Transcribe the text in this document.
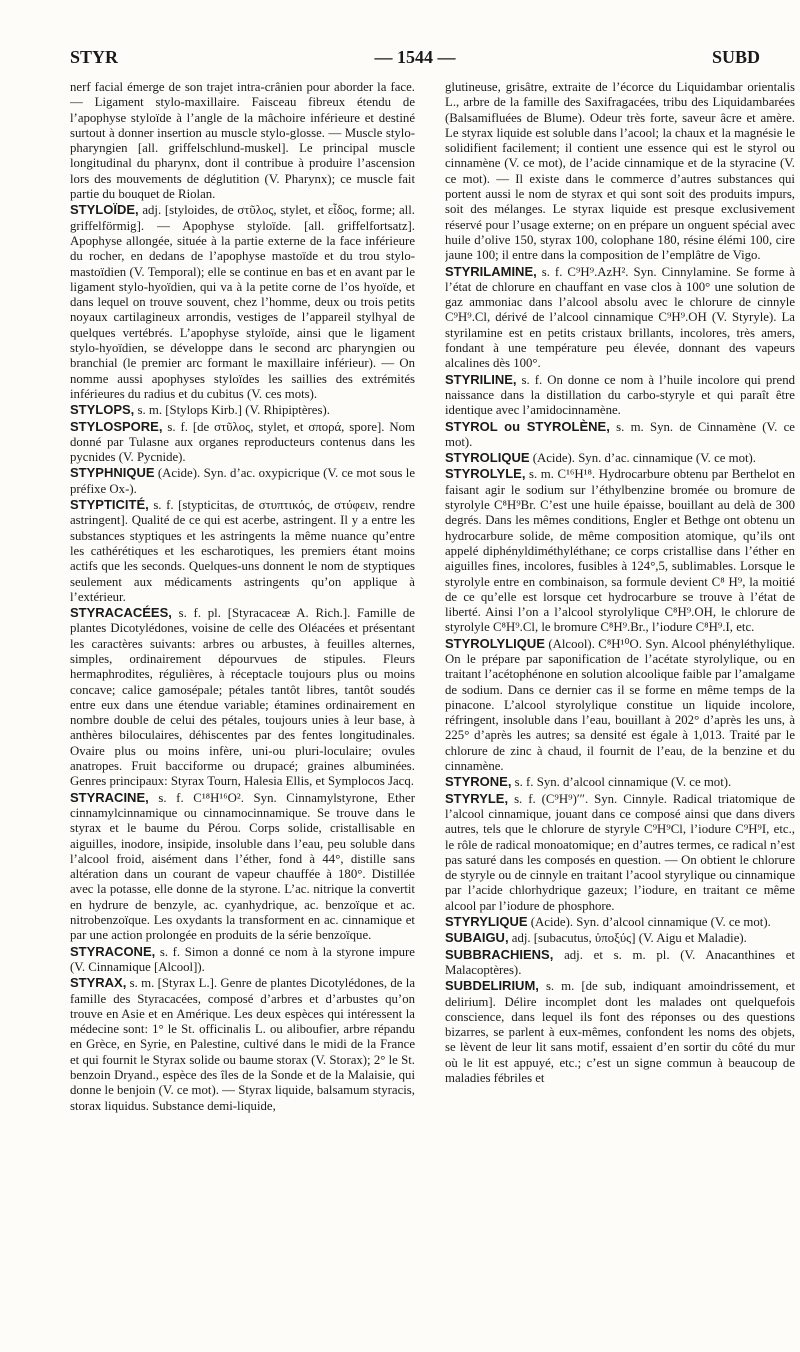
STYR	— 1544 —	SUBD

nerf facial émerge de son trajet intra-crânien pour aborder la face. — Ligament stylo-maxillaire. Faisceau fibreux étendu de l’apophyse styloïde à l’angle de la mâchoire inférieure et destiné surtout à donner insertion au muscle stylo-glosse. — Muscle stylo-pharyngien [all. griffelschlund-muskel]. Le principal muscle longitudinal du pharynx, dont il contribue à produire l’ascension lors des mouvements de déglutition (V. Pharynx); ce muscle fait partie du bouquet de Riolan.

STYLOÏDE, adj. [styloides, de στῦλος, stylet, et εἶδος, forme; all. griffelförmig]. — Apophyse styloïde. [all. griffelfortsatz]. Apophyse allongée, située à la partie externe de la face inférieure du rocher, en dedans de l’apophyse mastoïde et du trou stylo-mastoïdien (V. Temporal); elle se continue en bas et en avant par le ligament stylo-hyoïdien, qui va à la petite corne de l’os hyoïde, et dans lequel on trouve souvent, chez l’homme, deux ou trois petits noyaux cartilagineux arrondis, vestiges de l’appareil stylhyal de quelques vertébrés. L’apophyse styloïde, ainsi que le ligament stylo-hyoïdien, se développe dans le second arc pharyngien ou branchial (le premier arc formant le maxillaire inférieur). — On nomme aussi apophyses styloïdes les saillies des extrémités inférieures du radius et du cubitus (V. ces mots).

STYLOPS, s. m. [Stylops Kirb.] (V. Rhipiptères).

STYLOSPORE, s. f. [de στῦλος, stylet, et σπορά, spore]. Nom donné par Tulasne aux organes reproducteurs contenus dans les pycnides (V. Pycnide).

STYPHNIQUE (Acide). Syn. d’ac. oxypicrique (V. ce mot sous le préfixe Ox-).

STYPTICITÉ, s. f. [stypticitas, de στυπτικός, de στύφειν, rendre astringent]. Qualité de ce qui est acerbe, astringent. Il y a entre les substances styptiques et les astringents la même nuance qu’entre les cathérétiques et les escharotiques, les premiers étant moins actifs que les seconds. Quelques-uns donnent le nom de styptiques seulement aux médicaments astringents qu’on applique à l’extérieur.

STYRACACÉES, s. f. pl. [Styracaceæ A. Rich.]. Famille de plantes Dicotylédones, voisine de celle des Oléacées et présentant les caractères suivants: arbres ou arbustes, à feuilles alternes, simples, ordinairement dépourvues de stipules. Fleurs hermaphrodites, régulières, à réceptacle toujours plus ou moins concave; calice gamosépale; pétales tantôt libres, tantôt soudés entre eux dans une étendue variable; étamines ordinairement en nombre double de celui des pétales, toujours unies à leur base, à anthères biloculaires, déhiscentes par des fentes longitudinales. Ovaire plus ou moins infère, uni-ou pluri-loculaire; ovules anatropes. Fruit bacciforme ou drupacé; graines albuminées. Genres principaux: Styrax Tourn, Halesia Ellis, et Symplocos Jacq.

STYRACINE, s. f. C¹⁸H¹⁶O². Syn. Cinnamylstyrone, Ether cinnamylcinnamique ou cinnamocinnamique. Se trouve dans le styrax et le baume du Pérou. Corps solide, cristallisable en aiguilles, inodore, insipide, insoluble dans l’eau, peu soluble dans l’alcool froid, aisément dans l’éther, fond à 44°, distille sans altération dans un courant de vapeur chauffée à 180°. Distillée avec la potasse, elle donne de la styrone. L’ac. nitrique la convertit en hydrure de benzyle, ac. cyanhydrique, ac. benzoïque et ac. nitrobenzoïque. Les oxydants la transforment en ac. cinnamique et par une action prolongée en produits de la série benzoïque.

STYRACONE, s. f. Simon a donné ce nom à la styrone impure (V. Cinnamique [Alcool]).

STYRAX, s. m. [Styrax L.]. Genre de plantes Dicotylédones, de la famille des Styracacées, composé d’arbres et d’arbustes qu’on trouve en Asie et en Amérique. Les deux espèces qui intéressent la médecine sont: 1° le St. officinalis L. ou aliboufier, arbre répandu en Grèce, en Syrie, en Palestine, cultivé dans le midi de la France et qui fournit le Styrax solide ou baume storax (V. Storax); 2° le St. benzoin Dryand., espèce des îles de la Sonde et de la Malaisie, qui donne le benjoin (V. ce mot). — Styrax liquide, balsamum styracis, storax liquidus. Substance demi-liquide,

glutineuse, grisâtre, extraite de l’écorce du Liquidambar orientalis L., arbre de la famille des Saxifragacées, tribu des Liquidambarées (Balsamifluées de Blume). Odeur très forte, saveur âcre et amère. Le styrax liquide est soluble dans l’acool; la chaux et la magnésie le solidifient facilement; il contient une essence qui est le styrol ou cinnamène (V. ce mot), de l’acide cinnamique et de la styracine (V. ce mot). — Il existe dans le commerce d’autres substances qui portent aussi le nom de styrax et qui sont soit des produits impurs, soit des mélanges. Le styrax liquide est presque exclusivement réservé pour l’usage externe; on en prépare un onguent spécial avec huile d’olive 150, styrax 100, colophane 180, résine élémi 100, cire jaune 100; il entre dans la composition de l’emplâtre de Vigo.

STYRILAMINE, s. f. C⁹H⁹.AzH². Syn. Cinnylamine. Se forme à l’état de chlorure en chauffant en vase clos à 100° une solution de gaz ammoniac dans l’alcool absolu avec le chlorure de cinnyle C⁹H⁹.Cl, dérivé de l’alcool cinnamique C⁹H⁹.OH (V. Styryle). La styrilamine est en petits cristaux brillants, incolores, très amers, fondant à une température peu élevée, donnant des vapeurs alcalines dès 100°.

STYRILINE, s. f. On donne ce nom à l’huile incolore qui prend naissance dans la distillation du carbo-styryle et qui paraît être identique avec l’amidocinnamène.

STYROL ou STYROLÈNE, s. m. Syn. de Cinnamène (V. ce mot).

STYROLIQUE (Acide). Syn. d’ac. cinnamique (V. ce mot).

STYROLYLE, s. m. C¹⁶H¹⁸. Hydrocarbure obtenu par Berthelot en faisant agir le sodium sur l’éthylbenzine bromée ou bromure de styrolyle C⁸H⁹Br. C’est une huile épaisse, bouillant au delà de 300 degrés. Dans les mêmes conditions, Engler et Bethge ont obtenu un hydrocarbure solide, de même composition atomique, qu’ils ont appelé diphényldiméthyléthane; ce corps cristallise dans l’éther en aiguilles fines, incolores, fusibles à 124°,5, sublimables. Lorsque le styrolyle entre en combinaison, sa formule devient C⁸ H⁹, la moitié de ce qu’elle est lorsque cet hydrocarbure se trouve à l’état de liberté. Ainsi l’on a l’alcool styrolylique C⁸H⁹.OH, le chlorure de styrolyle C⁸H⁹.Cl, le bromure C⁸H⁹.Br., l’iodure C⁸H⁹.I, etc.

STYROLYLIQUE (Alcool). C⁸H¹⁰O. Syn. Alcool phényléthylique. On le prépare par saponification de l’acétate styrolylique, ou en traitant l’acétophénone en solution alcoolique faible par l’amalgame de sodium. Dans ce dernier cas il se forme en même temps de la pinacone. L’alcool styrolylique constitue un liquide incolore, réfringent, insoluble dans l’eau, bouillant à 202° d’après les uns, à 225° d’après les autres; sa densité est égale à 1,013. Traité par le chlorure de zinc à chaud, il fournit de l’eau, de la benzine et du cinnamène.

STYRONE, s. f. Syn. d’alcool cinnamique (V. ce mot).

STYRYLE, s. f. (C⁹H⁹)′″. Syn. Cinnyle. Radical triatomique de l’alcool cinnamique, jouant dans ce composé ainsi que dans divers autres, tels que le chlorure de styryle C⁹H⁹Cl, l’iodure C⁹H⁹I, etc., le rôle de radical monoatomique; en d’autres termes, ce radical n’est pas saturé dans les composés en question. — On obtient le chlorure de styryle ou de cinnyle en traitant l’acool styrylique ou cinnamique par l’acide chlorhydrique gazeux; l’iodure, en traitant ce même alcool par l’iodure de phosphore.

STYRYLIQUE (Acide). Syn. d’alcool cinnamique (V. ce mot).

SUBAIGU, adj. [subacutus, ὑποξύς] (V. Aigu et Maladie).

SUBBRACHIENS, adj. et s. m. pl. (V. Anacanthines et Malacoptères).

SUBDELIRIUM, s. m. [de sub, indiquant amoindrissement, et delirium]. Délire incomplet dont les malades ont quelquefois conscience, dans lequel ils font des réponses ou des questions bizarres, se parlent à eux-mêmes, confondent les noms des objets, se lèvent de leur lit sans motif, essaient d’en sortir du côté du mur où le lit est appuyé, etc.; c’est un signe commun à beaucoup de maladies fébriles et
